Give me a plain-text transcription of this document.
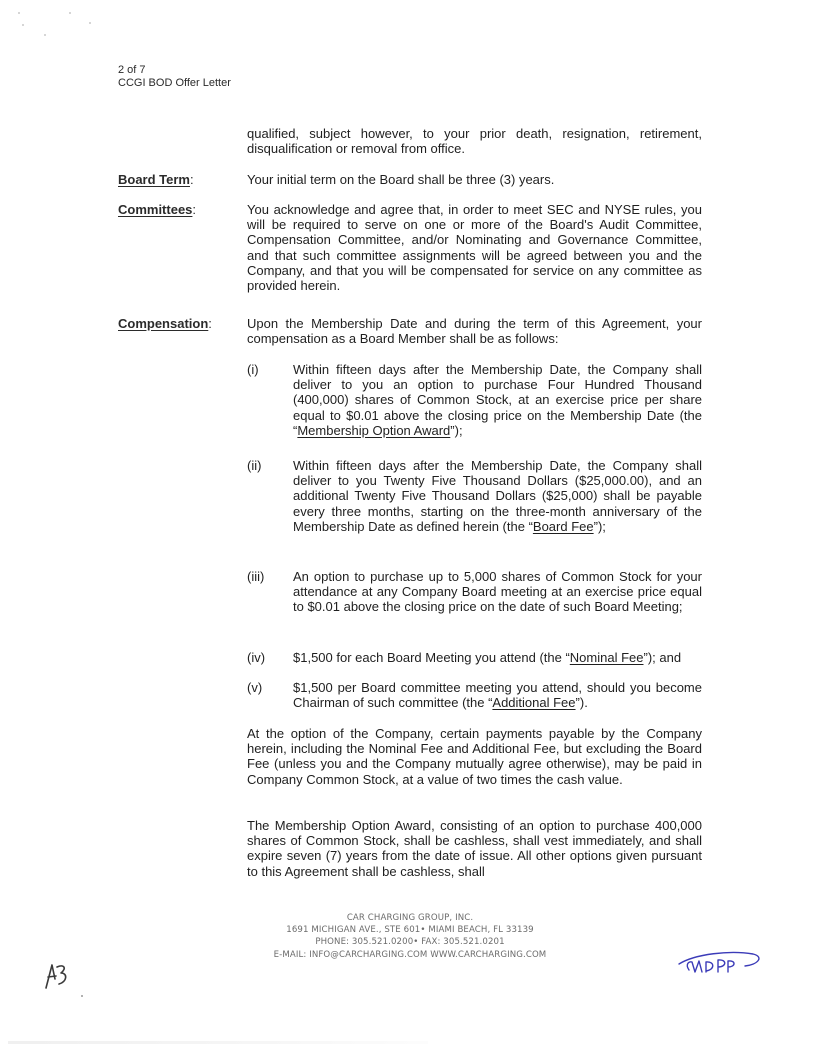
2 of 7
CCGI BOD Offer Letter
qualified, subject however, to your prior death, resignation, retirement, disqualification or removal from office.
Board Term:	Your initial term on the Board shall be three (3) years.
Committees:	You acknowledge and agree that, in order to meet SEC and NYSE rules, you will be required to serve on one or more of the Board's Audit Committee, Compensation Committee, and/or Nominating and Governance Committee, and that such committee assignments will be agreed between you and the Company, and that you will be compensated for service on any committee as provided herein.
Compensation:	Upon the Membership Date and during the term of this Agreement, your compensation as a Board Member shall be as follows:
(i)	Within fifteen days after the Membership Date, the Company shall deliver to you an option to purchase Four Hundred Thousand (400,000) shares of Common Stock, at an exercise price per share equal to $0.01 above the closing price on the Membership Date (the “Membership Option Award”);
(ii) Within fifteen days after the Membership Date, the Company shall deliver to you Twenty Five Thousand Dollars ($25,000.00), and an additional Twenty Five Thousand Dollars ($25,000) shall be payable every three months, starting on the three-month anniversary of the Membership Date as defined herein (the “Board Fee”);
(iii) An option to purchase up to 5,000 shares of Common Stock for your attendance at any Company Board meeting at an exercise price equal to $0.01 above the closing price on the date of such Board Meeting;
(iv) $1,500 for each Board Meeting you attend (the “Nominal Fee”); and
(v) $1,500 per Board committee meeting you attend, should you become Chairman of such committee (the “Additional Fee”).
At the option of the Company, certain payments payable by the Company herein, including the Nominal Fee and Additional Fee, but excluding the Board Fee (unless you and the Company mutually agree otherwise), may be paid in Company Common Stock, at a value of two times the cash value.
The Membership Option Award, consisting of an option to purchase 400,000 shares of Common Stock, shall be cashless, shall vest immediately, and shall expire seven (7) years from the date of issue. All other options given pursuant to this Agreement shall be cashless, shall
CAR CHARGING GROUP, INC.
1691 MICHIGAN AVE., STE 601• MIAMI BEACH, FL 33139
PHONE: 305.521.0200• FAX: 305.521.0201
E-MAIL: INFO@CARCHARGING.COM WWW.CARCHARGING.COM
